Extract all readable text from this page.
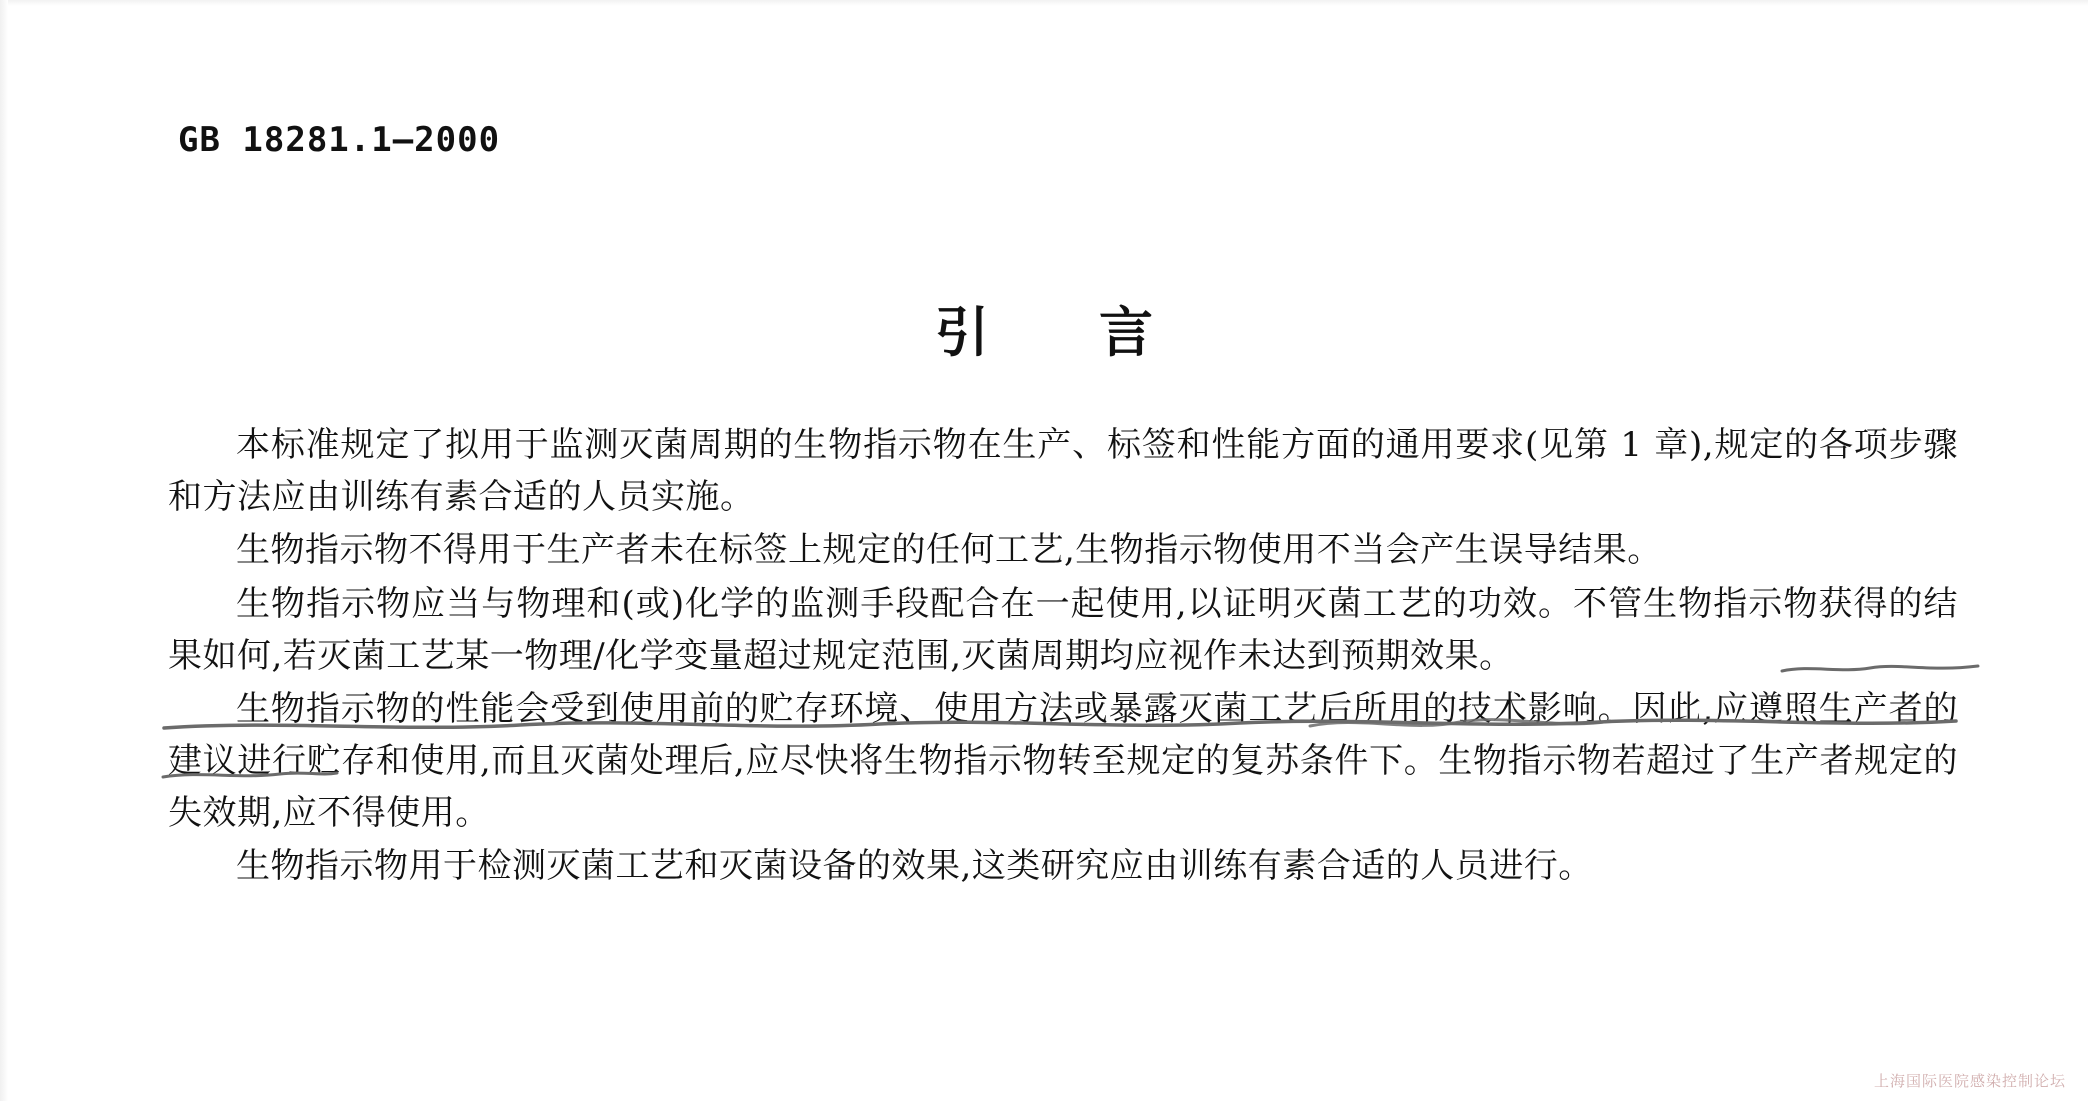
GB 18281.1—2000
引 言

本标准规定了拟用于监测灭菌周期的生物指示物在生产、标签和性能方面的通用要求(见第 1 章),规定的各项步骤和方法应由训练有素合适的人员实施。

生物指示物不得用于生产者未在标签上规定的任何工艺,生物指示物使用不当会产生误导结果。

生物指示物应当与物理和(或)化学的监测手段配合在一起使用,以证明灭菌工艺的功效。不管生物指示物获得的结果如何,若灭菌工艺某一物理/化学变量超过规定范围,灭菌周期均应视作未达到预期效果。

生物指示物的性能会受到使用前的贮存环境、使用方法或暴露灭菌工艺后所用的技术影响。因此,应遵照生产者的建议进行贮存和使用,而且灭菌处理后,应尽快将生物指示物转至规定的复苏条件下。生物指示物若超过了生产者规定的失效期,应不得使用。

生物指示物用于检测灭菌工艺和灭菌设备的效果,这类研究应由训练有素合适的人员进行。

上海国际医院感染控制论坛
